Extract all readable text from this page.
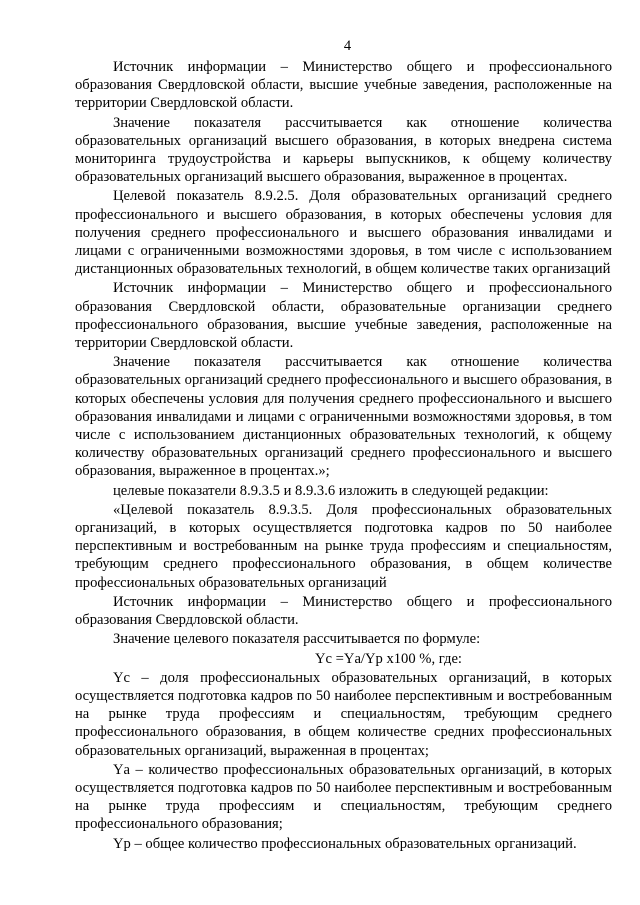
4

Источник информации – Министерство общего и профессионального образования Свердловской области, высшие учебные заведения, расположенные на территории Свердловской области.

Значение показателя рассчитывается как отношение количества образовательных организаций высшего образования, в которых внедрена система мониторинга трудоустройства и карьеры выпускников, к общему количеству образовательных организаций высшего образования, выраженное в процентах.

Целевой показатель 8.9.2.5. Доля образовательных организаций среднего профессионального и высшего образования, в которых обеспечены условия для получения среднего профессионального и высшего образования инвалидами и лицами с ограниченными возможностями здоровья, в том числе с использованием дистанционных образовательных технологий, в общем количестве таких организаций

Источник информации – Министерство общего и профессионального образования Свердловской области, образовательные организации среднего профессионального образования, высшие учебные заведения, расположенные на территории Свердловской области.

Значение показателя рассчитывается как отношение количества образовательных организаций среднего профессионального и высшего образования, в которых обеспечены условия для получения среднего профессионального и высшего образования инвалидами и лицами с ограниченными возможностями здоровья, в том числе с использованием дистанционных образовательных технологий, к общему количеству образовательных организаций среднего профессионального и высшего образования, выраженное в процентах.»;

целевые показатели 8.9.3.5 и 8.9.3.6 изложить в следующей редакции:

«Целевой показатель 8.9.3.5. Доля профессиональных образовательных организаций, в которых осуществляется подготовка кадров по 50 наиболее перспективным и востребованным на рынке труда профессиям и специальностям, требующим среднего профессионального образования, в общем количестве профессиональных образовательных организаций

Источник информации – Министерство общего и профессионального образования Свердловской области.

Значение целевого показателя рассчитывается по формуле:

Yс =Yа/Yр x100 %, где:

Yс – доля профессиональных образовательных организаций, в которых осуществляется подготовка кадров по 50 наиболее перспективным и востребованным на рынке труда профессиям и специальностям, требующим среднего профессионального образования, в общем количестве средних профессиональных образовательных организаций, выраженная в процентах;

Yа – количество профессиональных образовательных организаций, в которых осуществляется подготовка кадров по 50 наиболее перспективным и востребованным на рынке труда профессиям и специальностям, требующим среднего профессионального образования;

Yр – общее количество профессиональных образовательных организаций.
